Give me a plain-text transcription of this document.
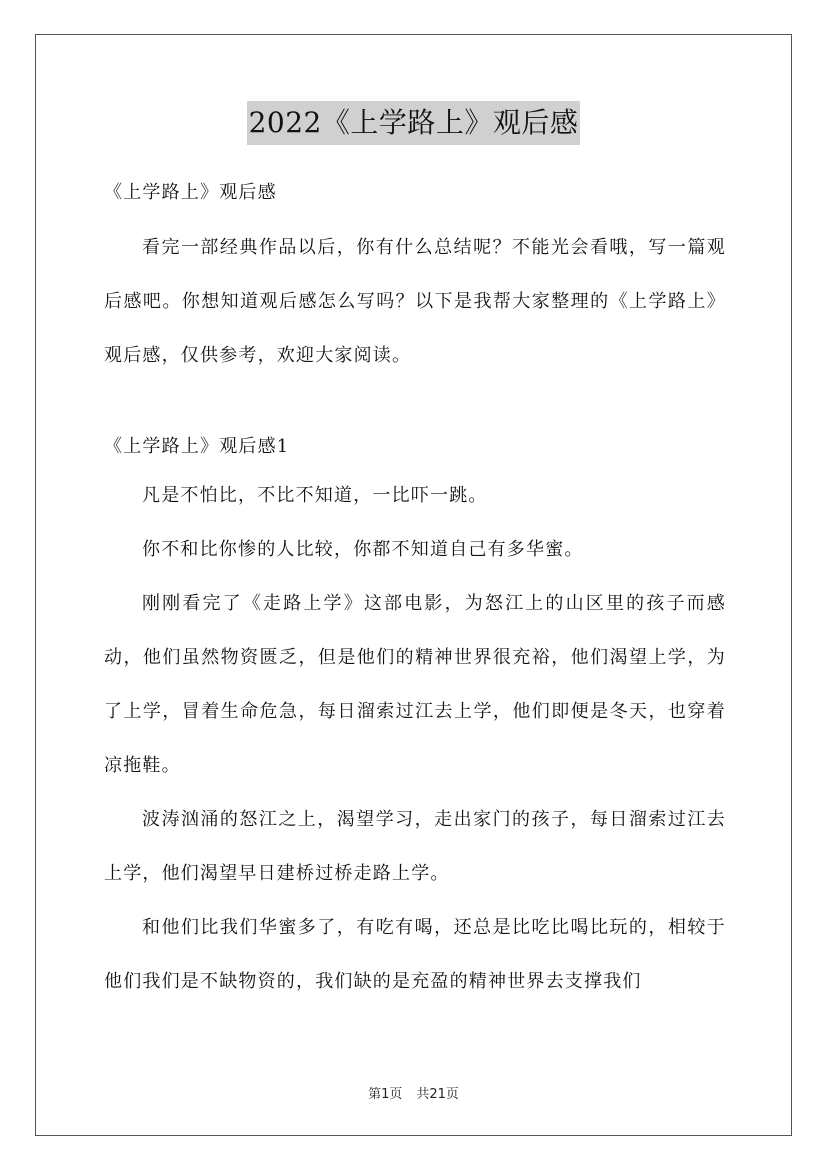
2022《上学路上》观后感

《上学路上》观后感

看完一部经典作品以后，你有什么总结呢？不能光会看哦，写一篇观后感吧。你想知道观后感怎么写吗？以下是我帮大家整理的《上学路上》观后感，仅供参考，欢迎大家阅读。

《上学路上》观后感1

凡是不怕比，不比不知道，一比吓一跳。

你不和比你惨的人比较，你都不知道自己有多华蜜。

刚刚看完了《走路上学》这部电影，为怒江上的山区里的孩子而感动，他们虽然物资匮乏，但是他们的精神世界很充裕，他们渴望上学，为了上学，冒着生命危急，每日溜索过江去上学，他们即便是冬天，也穿着凉拖鞋。

波涛汹涌的怒江之上，渴望学习，走出家门的孩子，每日溜索过江去上学，他们渴望早日建桥过桥走路上学。

和他们比我们华蜜多了，有吃有喝，还总是比吃比喝比玩的，相较于他们我们是不缺物资的，我们缺的是充盈的精神世界去支撑我们

第1页 共21页
